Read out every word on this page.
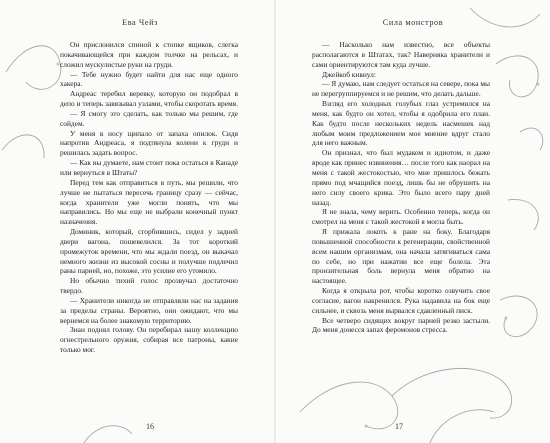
Ева Чейз

Он прислонился спиной к стопке ящиков, слегка покачивающейся при каждом толчке на рельсах, и сложил мускулистые руки на груди.

— Тебе нужно будет найти для нас еще одного хакера.

Андреас теребил веревку, которую он подобрал в депо и теперь завязывал узлами, чтобы скоротать время.

— Я смогу это сделать, как только мы решим, где сойдем.

У меня в носу щипало от запаха опилок. Сидя напротив Андреаса, я подтянула колени к груди и решилась задать вопрос.

— Как вы думаете, нам стоит пока остаться в Канаде или вернуться в Штаты?

Перед тем как отправиться в путь, мы решили, что лучше не пытаться пересечь границу сразу — сейчас, когда хранители уже могли понять, что мы направились. Но мы еще не выбрали конечный пункт назначения.

Доминик, который, сгорбившись, сидел у задней двери вагона, пошевелился. За тот короткий промежуток времени, что мы ждали поезд, он выкачал немного жизни из высокой сосны и получше подлечил раны парней, но, похоже, это усилие его утомило.

Но обычно тихий голос прозвучал достаточно твердо.

— Хранители никогда не отправляли нас на задания за пределы страны. Вероятно, они ожидают, что мы вернемся на более знакомую территорию.

Зиан поднял голову. Он перебирал нашу коллекцию огнестрельного оружия, собирая все патроны, какие только мог.

16
Сила монстров

— Насколько нам известно, все объекты располагаются в Штатах, так? Наверняка хранители и сами ориентируются там куда лучше.

Джейкоб кивнул:

— Я думаю, нам следует остаться на севере, пока мы не перегруппируемся и не решим, что делать дальше.

Взгляд его холодных голубых глаз устремился на меня, как будто он хотел, чтобы я одобрила его план. Как будто после нескольких недель насмешек над любым моим предложением мое мнение вдруг стало для него важным.

Он признал, что был мудаком и идиотом, и даже вроде как принес извинения… после того как наорал на меня с такой жестокостью, что мне пришлось бежать прямо под мчащийся поезд, лишь бы не обрушить на него силу своего крика. Это было всего пару дней назад.

Я не знала, чему верить. Особенно теперь, когда он смотрел на меня с такой жестокой я могла быть.

Я прижала локоть к ране на боку. Благодаря повышенной способности к регенерации, свойственной всем нашим организмам, она начала затягиваться сама по себе, но при нажатии все еще болела. Эта пронзительная боль вернула меня обратно на настоящее.

Когда я открыла рот, чтобы коротко озвучить свое согласие, вагон накренился. Рука надавила на бок еще сильнее, и сквозь меня вырвался сдавленный писк.

Все четверо сидящих вокруг парней резко застыли. До меня донесся запах феромонов стресса.

17
